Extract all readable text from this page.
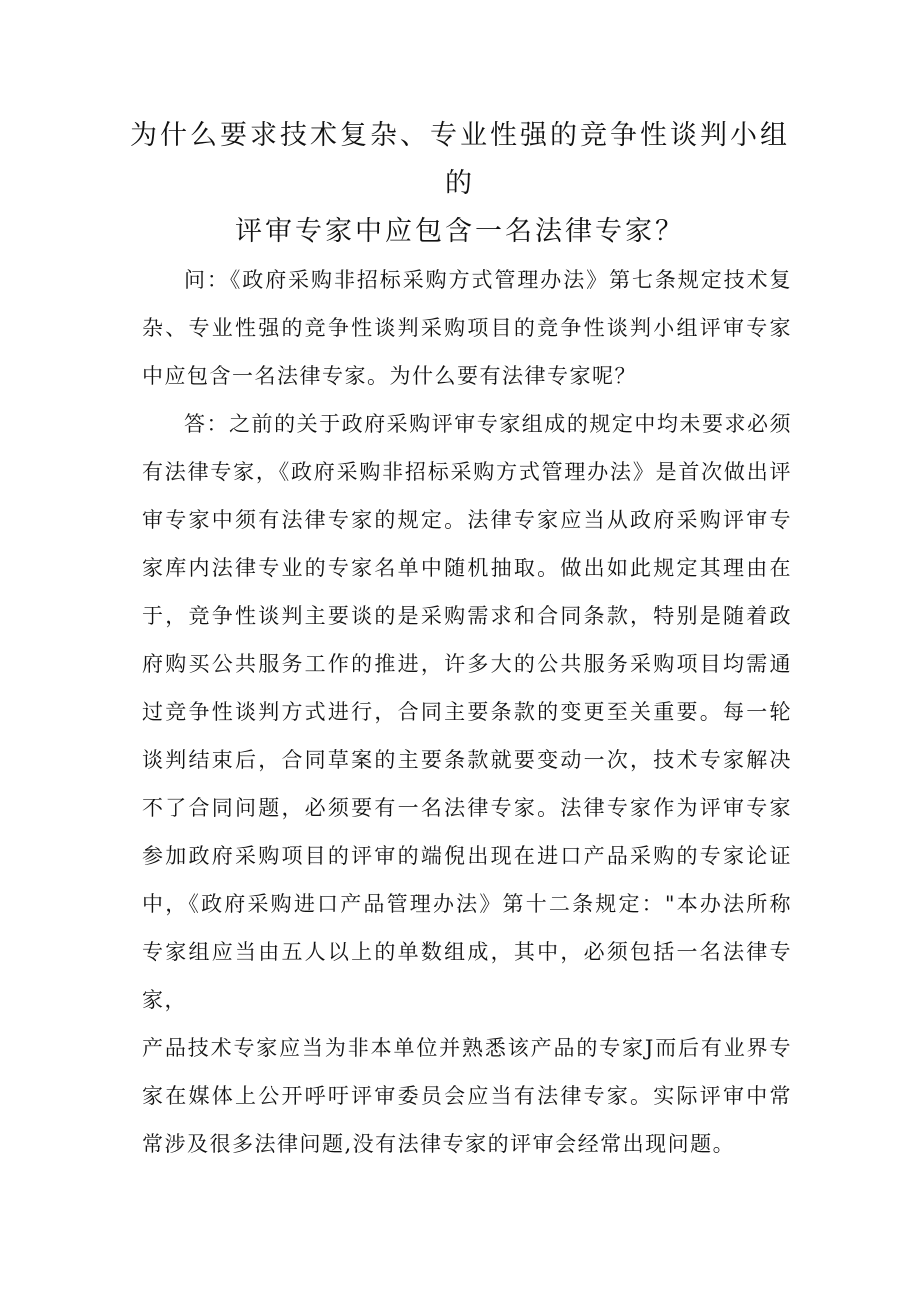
为什么要求技术复杂、专业性强的竞争性谈判小组的
评审专家中应包含一名法律专家？

问：《政府采购非招标采购方式管理办法》第七条规定技术复杂、专业性强的竞争性谈判采购项目的竞争性谈判小组评审专家中应包含一名法律专家。为什么要有法律专家呢？

答：之前的关于政府采购评审专家组成的规定中均未要求必须有法律专家，《政府采购非招标采购方式管理办法》是首次做出评审专家中须有法律专家的规定。法律专家应当从政府采购评审专家库内法律专业的专家名单中随机抽取。做出如此规定其理由在于，竞争性谈判主要谈的是采购需求和合同条款，特别是随着政府购买公共服务工作的推进，许多大的公共服务采购项目均需通过竞争性谈判方式进行，合同主要条款的变更至关重要。每一轮谈判结束后，合同草案的主要条款就要变动一次，技术专家解决不了合同问题，必须要有一名法律专家。法律专家作为评审专家参加政府采购项目的评审的端倪出现在进口产品采购的专家论证中，《政府采购进口产品管理办法》第十二条规定："本办法所称专家组应当由五人以上的单数组成，其中，必须包括一名法律专家，

产品技术专家应当为非本单位并熟悉该产品的专家J而后有业界专家在媒体上公开呼吁评审委员会应当有法律专家。实际评审中常常涉及很多法律问题,没有法律专家的评审会经常出现问题。
